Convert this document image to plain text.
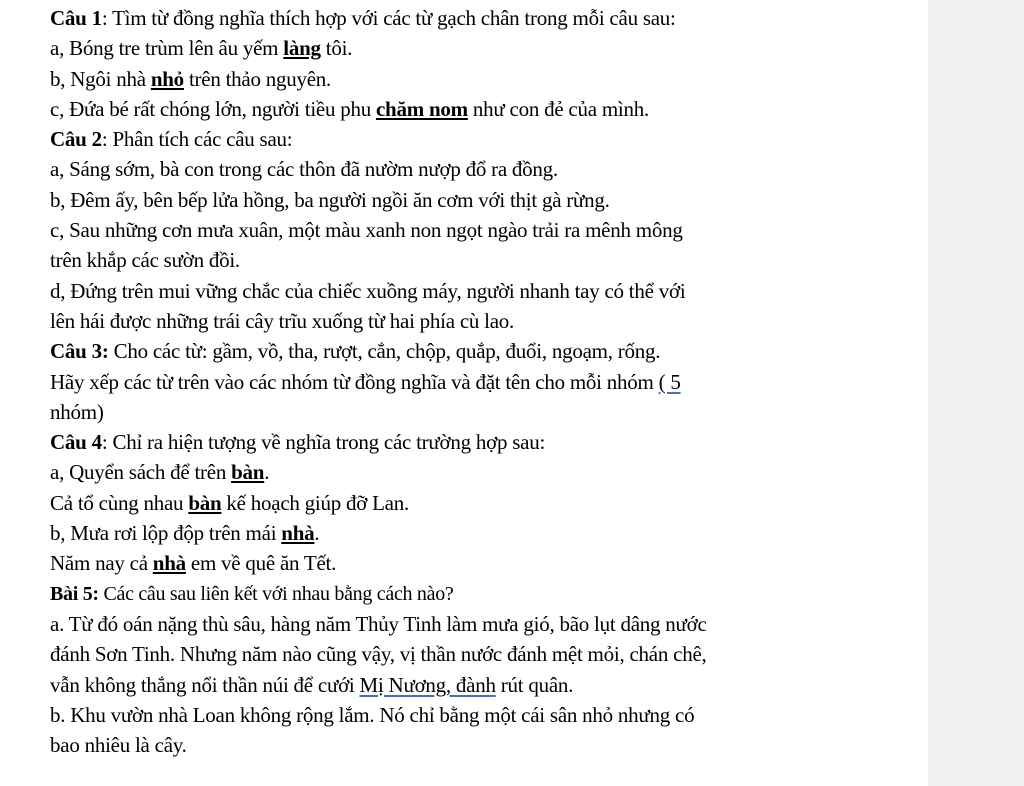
Câu 1: Tìm từ đồng nghĩa thích hợp với các từ gạch chân trong mỗi câu sau:
a, Bóng tre trùm lên âu yếm làng tôi.
b, Ngôi nhà nhỏ trên thảo nguyên.
c, Đứa bé rất chóng lớn, người tiều phu chăm nom như con đẻ của mình.
Câu 2: Phân tích các câu sau:
a, Sáng sớm, bà con trong các thôn đã nườm nượp đổ ra đồng.
b, Đêm ấy, bên bếp lửa hồng, ba người ngồi ăn cơm với thịt gà rừng.
c, Sau những cơn mưa xuân, một màu xanh non ngọt ngào trải ra mênh mông
trên khắp các sườn đồi.
d, Đứng trên mui vững chắc của chiếc xuồng máy, người nhanh tay có thể với
lên hái được những trái cây trĩu xuống từ hai phía cù lao.
Câu 3: Cho các từ: gầm, vồ, tha, rượt, cắn, chộp, quắp, đuổi, ngoạm, rống.
Hãy xếp các từ trên vào các nhóm từ đồng nghĩa và đặt tên cho mỗi nhóm ( 5
nhóm)
Câu 4: Chỉ ra hiện tượng về nghĩa trong các trường hợp sau:
a, Quyển sách để trên bàn.
Cả tổ cùng nhau bàn kế hoạch giúp đỡ Lan.
b, Mưa rơi lộp độp trên mái nhà.
Năm nay cả nhà em về quê ăn Tết.
Bài 5: Các câu sau liên kết với nhau bằng cách nào?
a. Từ đó oán nặng thù sâu, hàng năm Thủy Tinh làm mưa gió, bão lụt dâng nước
đánh Sơn Tinh. Nhưng năm nào cũng vậy, vị thần nước đánh mệt mỏi, chán chê,
vẫn không thắng nổi thần núi để cưới Mị Nương, đành rút quân.
b. Khu vườn nhà Loan không rộng lắm. Nó chỉ bằng một cái sân nhỏ nhưng có
bao nhiêu là cây.
